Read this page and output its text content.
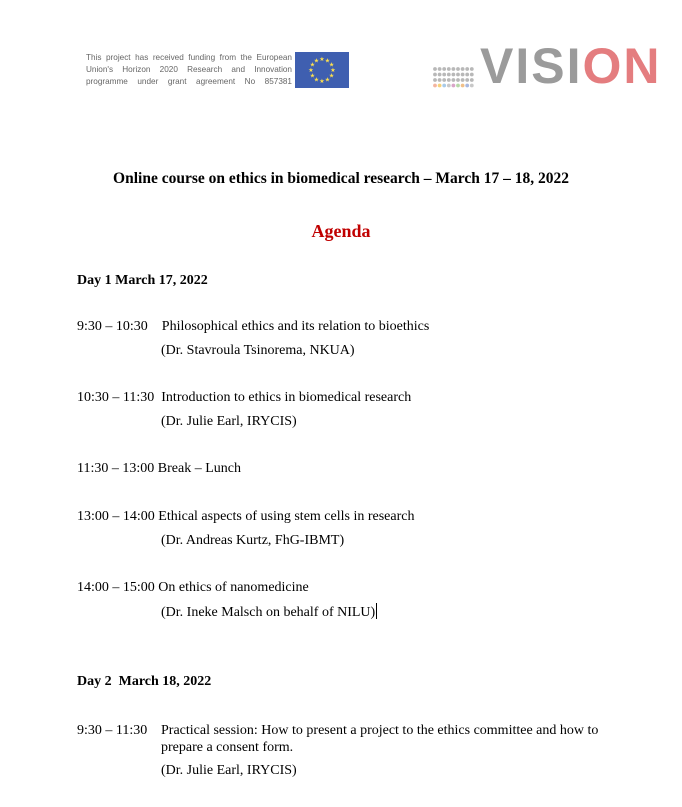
This project has received funding from the European Union's Horizon 2020 Research and Innovation programme under grant agreement No 857381
★ ★
★
★
★
★
★
★
★
★
★
★	VISION
Online course on ethics in biomedical research – March 17 – 18, 2022
Agenda
Day 1 March 17, 2022
9:30 – 10:30 Philosophical ethics and its relation to bioethics
(Dr. Stavroula Tsinorema, NKUA)
10:30 – 11:30 Introduction to ethics in biomedical research
(Dr. Julie Earl, IRYCIS)
11:30 – 13:00 Break – Lunch
13:00 – 14:00 Ethical aspects of using stem cells in research
(Dr. Andreas Kurtz, FhG-IBMT)
14:00 – 15:00 On ethics of nanomedicine
(Dr. Ineke Malsch on behalf of NILU)
Day 2  March 18, 2022
9:30 – 11:30 Practical session: How to present a project to the ethics committee and how to
prepare a consent form.
(Dr. Julie Earl, IRYCIS)
